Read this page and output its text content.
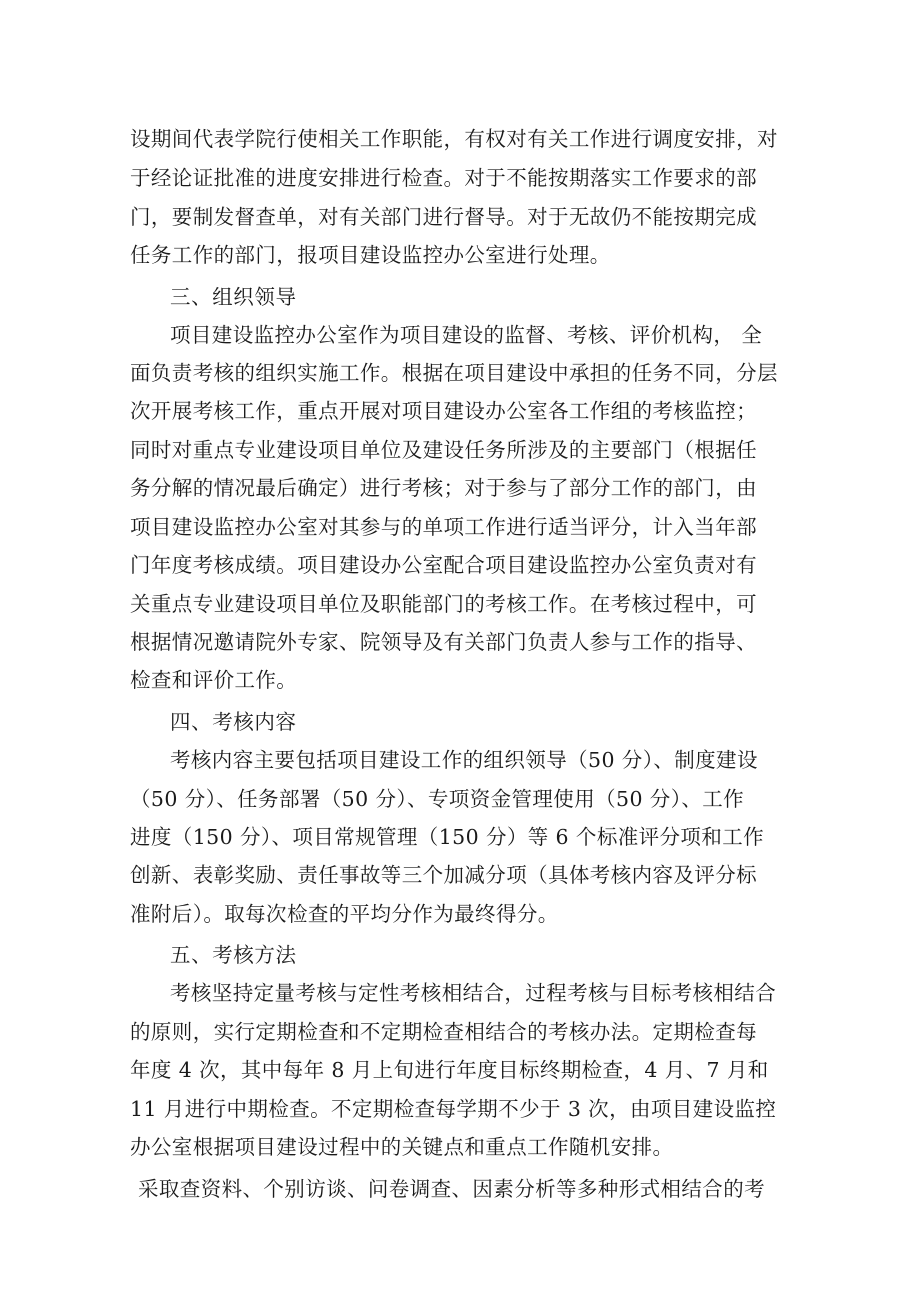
设期间代表学院行使相关工作职能，有权对有关工作进行调度安排，对
于经论证批准的进度安排进行检查。对于不能按期落实工作要求的部
门，要制发督查单，对有关部门进行督导。对于无故仍不能按期完成
任务工作的部门，报项目建设监控办公室进行处理。
三、组织领导
项目建设监控办公室作为项目建设的监督、考核、评价机构， 全
面负责考核的组织实施工作。根据在项目建设中承担的任务不同，分层
次开展考核工作，重点开展对项目建设办公室各工作组的考核监控；
同时对重点专业建设项目单位及建设任务所涉及的主要部门（根据任
务分解的情况最后确定）进行考核；对于参与了部分工作的部门，由
项目建设监控办公室对其参与的单项工作进行适当评分，计入当年部
门年度考核成绩。项目建设办公室配合项目建设监控办公室负责对有
关重点专业建设项目单位及职能部门的考核工作。在考核过程中，可
根据情况邀请院外专家、院领导及有关部门负责人参与工作的指导、
检查和评价工作。
四、考核内容
考核内容主要包括项目建设工作的组织领导（50 分）、制度建设
（50 分）、任务部署（50 分）、专项资金管理使用（50 分）、工作
进度（150 分）、项目常规管理（150 分）等 6 个标准评分项和工作
创新、表彰奖励、责任事故等三个加减分项（具体考核内容及评分标
准附后）。取每次检查的平均分作为最终得分。
五、考核方法
考核坚持定量考核与定性考核相结合，过程考核与目标考核相结合
的原则，实行定期检查和不定期检查相结合的考核办法。定期检查每
年度 4 次，其中每年 8 月上旬进行年度目标终期检查，4 月、7 月和
11 月进行中期检查。不定期检查每学期不少于 3 次，由项目建设监控
办公室根据项目建设过程中的关键点和重点工作随机安排。
采取查资料、个别访谈、问卷调查、因素分析等多种形式相结合的考
